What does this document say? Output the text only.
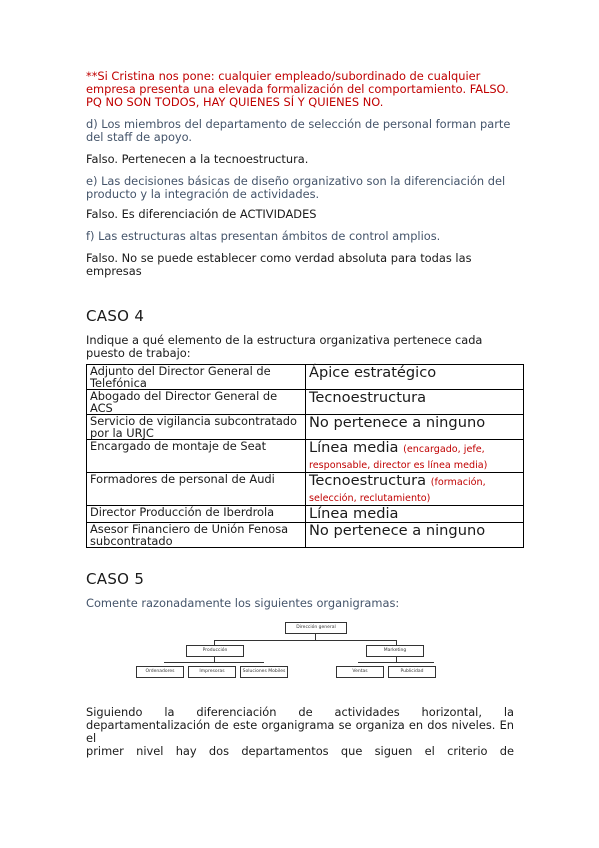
**Si Cristina nos pone: cualquier empleado/subordinado de cualquier empresa presenta una elevada formalización del comportamiento. FALSO. PQ NO SON TODOS, HAY QUIENES SÍ Y QUIENES NO.

d) Los miembros del departamento de selección de personal forman parte del staff de apoyo.

Falso. Pertenecen a la tecnoestructura.

e) Las decisiones básicas de diseño organizativo son la diferenciación del producto y la integración de actividades.

Falso. Es diferenciación de ACTIVIDADES

f) Las estructuras altas presentan ámbitos de control amplios.

Falso. No se puede establecer como verdad absoluta para todas las empresas

CASO 4

Indique a qué elemento de la estructura organizativa pertenece cada puesto de trabajo:

Adjunto del Director General de Telefónica	Ápice estratégico
Abogado del Director General de ACS	Tecnoestructura
Servicio de vigilancia subcontratado por la URJC	No pertenece a ninguno
Encargado de montaje de Seat	Línea media (encargado, jefe, responsable, director es línea media)
Formadores de personal de Audi	Tecnoestructura (formación, selección, reclutamiento)
Director Producción de Iberdrola	Línea media
Asesor Financiero de Unión Fenosa subcontratado	No pertenece a ninguno
CASO 5

Comente razonadamente los siguientes organigramas:

Dirección general
Producción	Marketing
Ordenadores	Impresoras	Soluciones Mobiles	Ventas	Publicidad

Siguiendo la diferenciación de actividades horizontal, la

departamentalización de este organigrama se organiza en dos niveles. En el

primer nivel hay dos departamentos que siguen el criterio de
